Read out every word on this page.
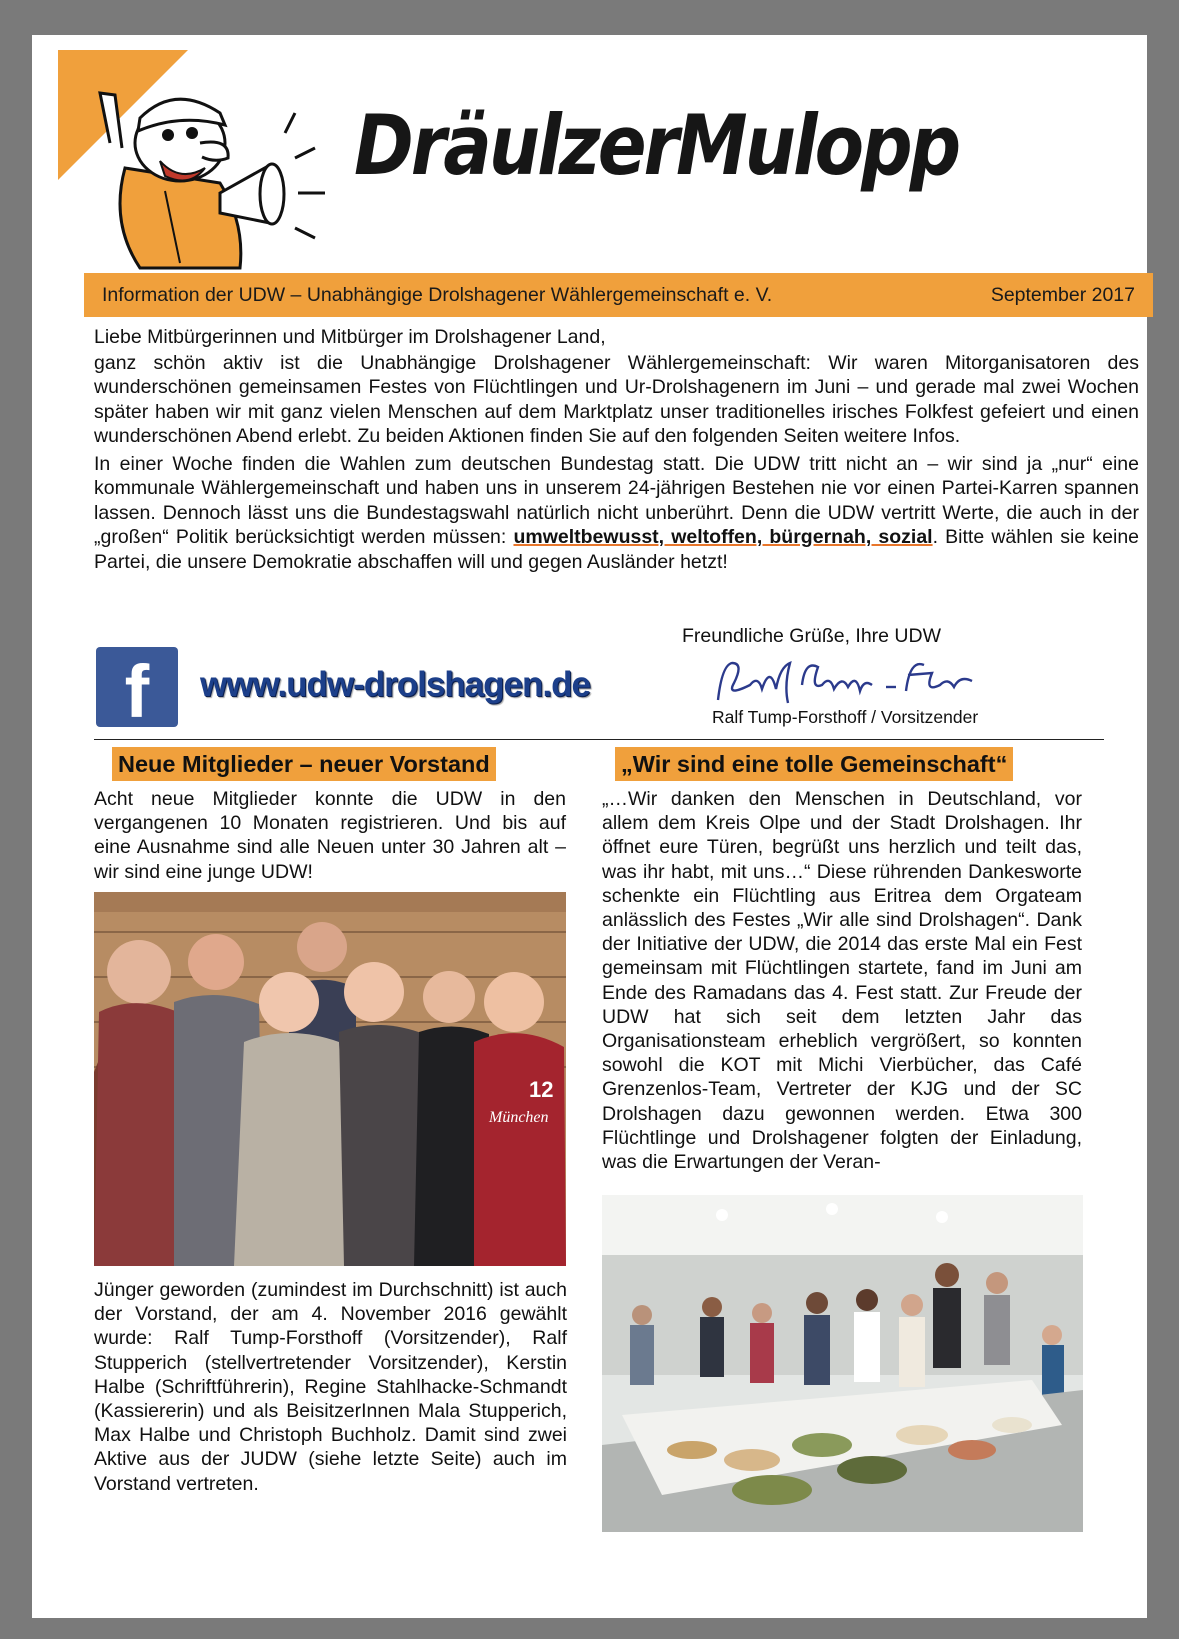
DräulzerMulopp
Information der UDW – Unabhängige Drolshagener Wählergemeinschaft e. V.	September 2017

Liebe Mitbürgerinnen und Mitbürger im Drolshagener Land,

ganz schön aktiv ist die Unabhängige Drolshagener Wählergemeinschaft: Wir waren Mitorganisatoren des wunderschönen gemeinsamen Festes von Flüchtlingen und Ur-Drolshagenern im Juni – und gerade mal zwei Wochen später haben wir mit ganz vielen Menschen auf dem Marktplatz unser traditionelles irisches Folkfest gefeiert und einen wunderschönen Abend erlebt. Zu beiden Aktionen finden Sie auf den folgenden Seiten weitere Infos.

In einer Woche finden die Wahlen zum deutschen Bundestag statt. Die UDW tritt nicht an – wir sind ja „nur“ eine kommunale Wählergemeinschaft und haben uns in unserem 24-jährigen Bestehen nie vor einen Partei-Karren spannen lassen. Dennoch lässt uns die Bundestagswahl natürlich nicht unberührt. Denn die UDW vertritt Werte, die auch in der „großen“ Politik berücksichtigt werden müssen: umweltbewusst, weltoffen, bürgernah, sozial. Bitte wählen sie keine Partei, die unsere Demokratie abschaffen will und gegen Ausländer hetzt!

f	www.udw-drolshagen.de
Freundliche Grüße, Ihre UDW
Ralf Tump-Forsthoff / Vorsitzender
Neue Mitglieder – neuer Vorstand	„Wir sind eine tolle Gemeinschaft“
Acht neue Mitglieder konnte die UDW in den vergangenen 10 Monaten registrieren. Und bis auf eine Ausnahme sind alle Neuen unter 30 Jahren alt – wir sind eine junge UDW!
12
München
Jünger geworden (zumindest im Durchschnitt) ist auch der Vorstand, der am 4. November 2016 gewählt wurde: Ralf Tump-Forsthoff (Vorsitzender), Ralf Stupperich (stellvertretender Vorsitzender), Kerstin Halbe (Schriftführerin), Regine Stahlhacke-Schmandt (Kassiererin) und als BeisitzerInnen Mala Stupperich, Max Halbe und Christoph Buchholz. Damit sind zwei Aktive aus der JUDW (siehe letzte Seite) auch im Vorstand vertreten.
„…Wir danken den Menschen in Deutschland, vor allem dem Kreis Olpe und der Stadt Drolshagen. Ihr öffnet eure Türen, begrüßt uns herzlich und teilt das, was ihr habt, mit uns…“ Diese rührenden Dankesworte schenkte ein Flüchtling aus Eritrea dem Orgateam anlässlich des Festes „Wir alle sind Drolshagen“. Dank der Initiative der UDW, die 2014 das erste Mal ein Fest gemeinsam mit Flüchtlingen startete, fand im Juni am Ende des Ramadans das 4. Fest statt. Zur Freude der UDW hat sich seit dem letzten Jahr das Organisationsteam erheblich vergrößert, so konnten sowohl die KOT mit Michi Vierbücher, das Café Grenzenlos-Team, Vertreter der KJG und der SC Drolshagen dazu gewonnen werden. Etwa 300 Flüchtlinge und Drolshagener folgten der Einladung, was die Erwartungen der Veran-
